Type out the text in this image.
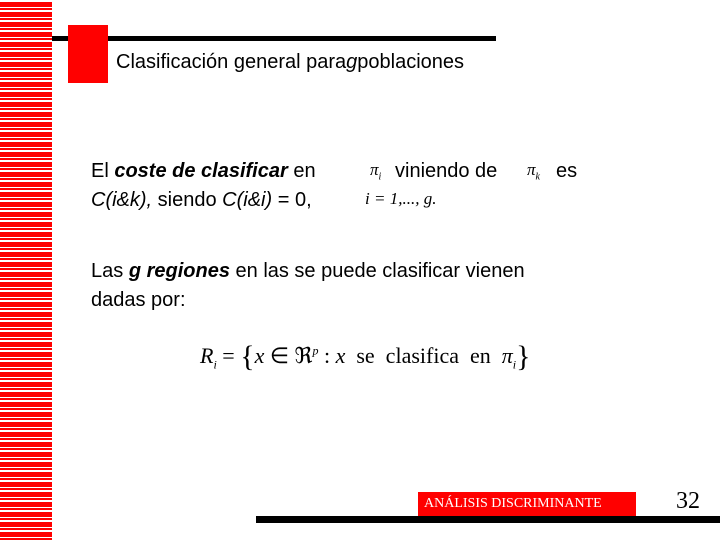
Clasificación general para g poblaciones
El coste de clasificar en	$\pi_i$ viniendo de $\pi_k$ es
C(i&k), siendo C(i&i) = 0,	i = 1,..., g.
Las g regiones en las se puede clasificar vienen
dadas por:
$R_i = \{x$ ∈ ℜ$^p$ : x  se  clasifica  en  $\pi_i$}
ANÁLISIS DISCRIMINANTE	32
